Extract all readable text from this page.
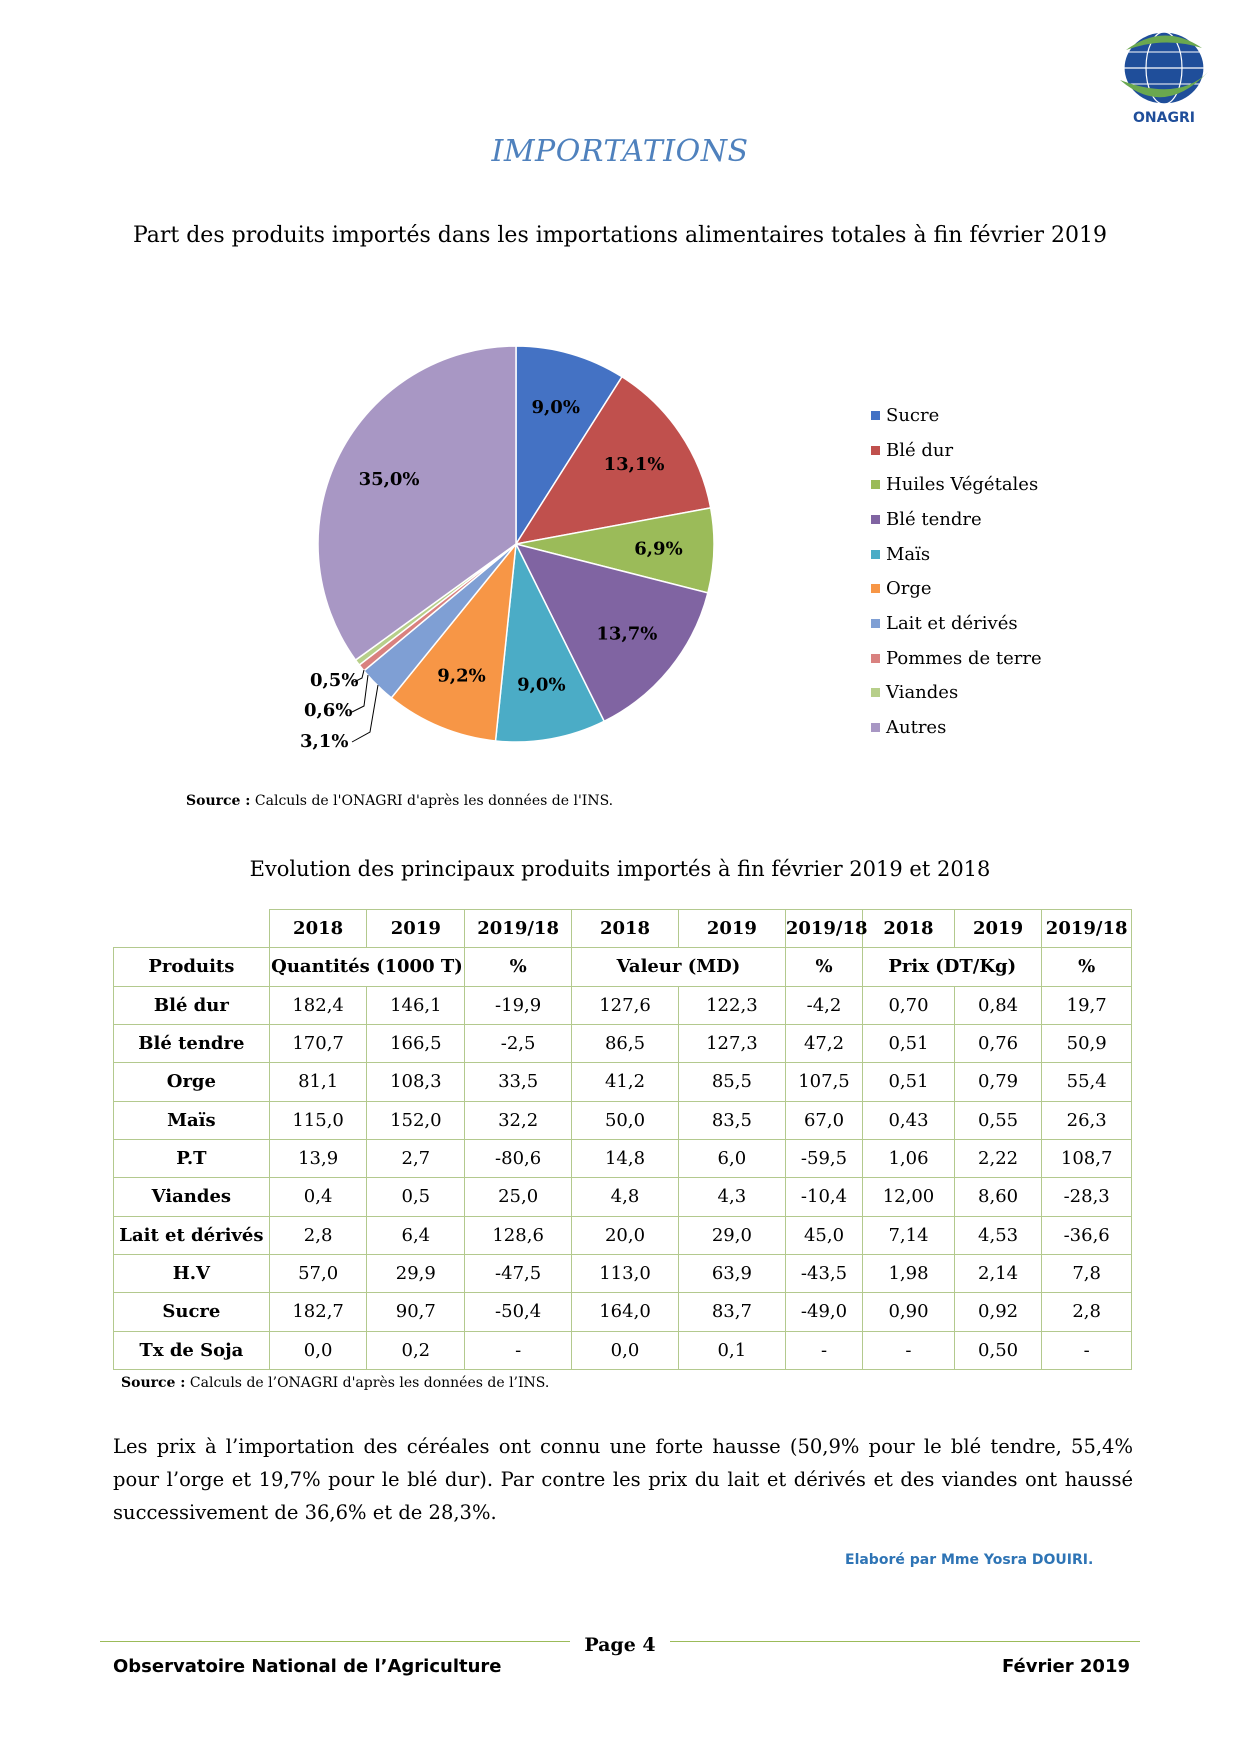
ONAGRI
IMPORTATIONS
Part des produits importés dans les importations alimentaires totales à fin février 2019
9,0%
13,1%
6,9%
13,7%
9,0%
9,2%
3,1%
0,6%
0,5%
35,0%
Sucre
Blé dur
Huiles Végétales
Blé tendre
Maïs
Orge
Lait et dérivés
Pommes de terre
Viandes
Autres
Source : Calculs de l'ONAGRI d'après les données de l'INS.
Evolution des principaux produits importés à fin février 2019 et 2018
	2018	2019	2019/18	2018	2019	2019/18	2018	2019	2019/18
Produits	Quantités (1000 T)		%	Valeur (MD)		%	Prix (DT/Kg)		%
Blé dur	182,4	146,1	-19,9	127,6	122,3	-4,2	0,70	0,84	19,7
Blé tendre	170,7	166,5	-2,5	86,5	127,3	47,2	0,51	0,76	50,9
Orge	81,1	108,3	33,5	41,2	85,5	107,5	0,51	0,79	55,4
Maïs	115,0	152,0	32,2	50,0	83,5	67,0	0,43	0,55	26,3
P.T	13,9	2,7	-80,6	14,8	6,0	-59,5	1,06	2,22	108,7
Viandes	0,4	0,5	25,0	4,8	4,3	-10,4	12,00	8,60	-28,3
Lait et dérivés	2,8	6,4	128,6	20,0	29,0	45,0	7,14	4,53	-36,6
H.V	57,0	29,9	-47,5	113,0	63,9	-43,5	1,98	2,14	7,8
Sucre	182,7	90,7	-50,4	164,0	83,7	-49,0	0,90	0,92	2,8
Tx de Soja	0,0	0,2	-	0,0	0,1	-	-	0,50	-
Source : Calculs de l’ONAGRI d'après les données de l’INS.
Les prix à l’importation des céréales ont connu une forte hausse (50,9% pour le blé tendre, 55,4% pour l’orge et 19,7% pour le blé dur). Par contre les prix du lait et dérivés et des viandes ont haussé successivement de 36,6% et de 28,3%.
Elaboré par Mme Yosra DOUIRI.
Page 4
Observatoire National de l’Agriculture	Février 2019
